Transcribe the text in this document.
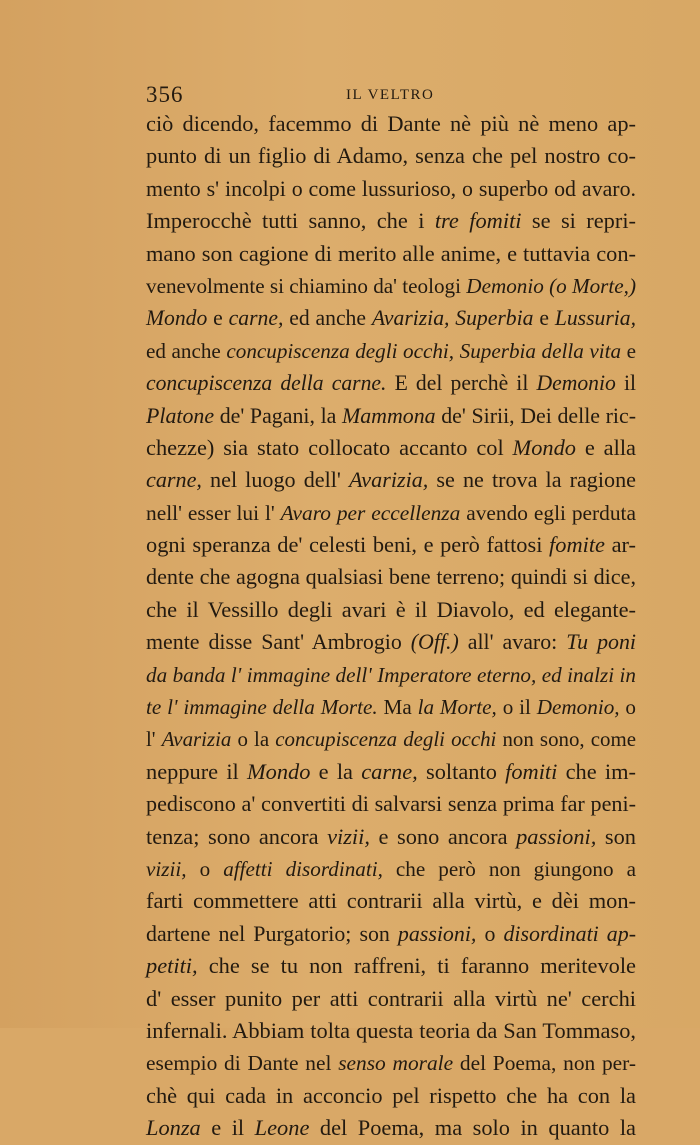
356	IL VELTRO
ciò dicendo, facemmo di Dante nè più nè meno ap-
punto di un figlio di Adamo, senza che pel nostro co-
mento s' incolpi o come lussurioso, o superbo od avaro.
Imperocchè tutti sanno, che i tre fomiti se si repri-
mano son cagione di merito alle anime, e tuttavia con-
venevolmente si chiamino da' teologi Demonio (o Morte,)
Mondo e carne, ed anche Avarizia, Superbia e Lussuria,
ed anche concupiscenza degli occhi, Superbia della vita e
concupiscenza della carne. E del perchè il Demonio il
Platone de' Pagani, la Mammona de' Sirii, Dei delle ric-
chezze) sia stato collocato accanto col Mondo e alla
carne, nel luogo dell' Avarizia, se ne trova la ragione
nell' esser lui l' Avaro per eccellenza avendo egli perduta
ogni speranza de' celesti beni, e però fattosi fomite ar-
dente che agogna qualsiasi bene terreno; quindi si dice,
che il Vessillo degli avari è il Diavolo, ed elegante-
mente disse Sant' Ambrogio (Off.) all' avaro: Tu poni
da banda l' immagine dell' Imperatore eterno, ed inalzi in
te l' immagine della Morte. Ma la Morte, o il Demonio, o
l' Avarizia o la concupiscenza degli occhi non sono, come
neppure il Mondo e la carne, soltanto fomiti che im-
pediscono a' convertiti di salvarsi senza prima far peni-
tenza; sono ancora vizii, e sono ancora passioni, son
vizii, o affetti disordinati, che però non giungono a
farti commettere atti contrarii alla virtù, e dèi mon-
dartene nel Purgatorio; son passioni, o disordinati ap-
petiti, che se tu non raffreni, ti faranno meritevole
d' esser punito per atti contrarii alla virtù ne' cerchi
infernali. Abbiam tolta questa teoria da San Tommaso,
esempio di Dante nel senso morale del Poema, non per-
chè qui cada in acconcio pel rispetto che ha con la
Lonza e il Leone del Poema, ma solo in quanto la
